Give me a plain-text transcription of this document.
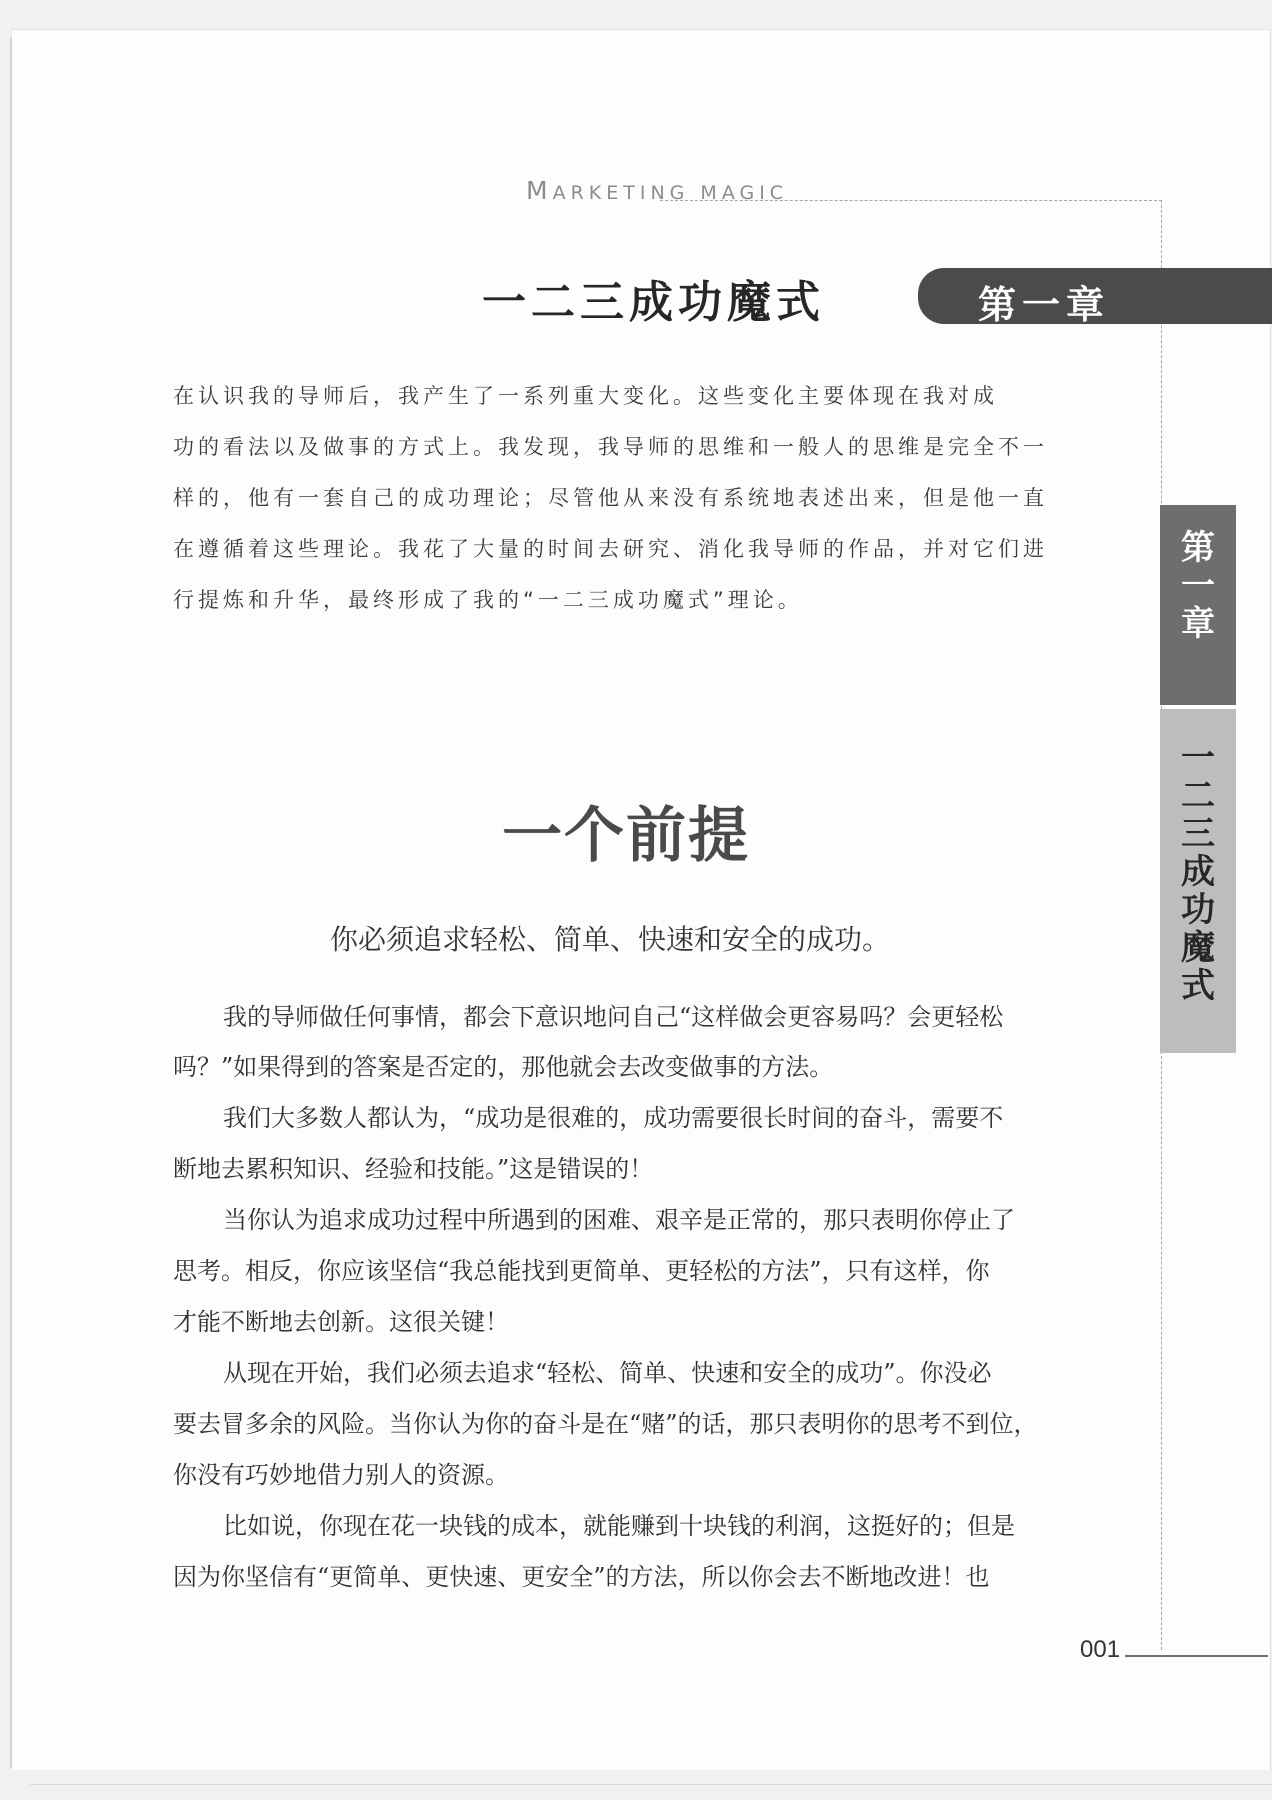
MARKETING MAGIC
一二三成功魔式	第一章
在认识我的导师后，我产生了一系列重大变化。这些变化主要体现在我对成
功的看法以及做事的方式上。我发现，我导师的思维和一般人的思维是完全不一
样的，他有一套自己的成功理论；尽管他从来没有系统地表述出来，但是他一直
在遵循着这些理论。我花了大量的时间去研究、消化我导师的作品，并对它们进
行提炼和升华，最终形成了我的“一二三成功魔式”理论。
第
一
章
一
二
三
成
功
魔
式
一个前提
你必须追求轻松、简单、快速和安全的成功。
我的导师做任何事情，都会下意识地问自己“这样做会更容易吗？会更轻松
吗？”如果得到的答案是否定的，那他就会去改变做事的方法。
我们大多数人都认为，“成功是很难的，成功需要很长时间的奋斗，需要不
断地去累积知识、经验和技能。”这是错误的！
当你认为追求成功过程中所遇到的困难、艰辛是正常的，那只表明你停止了
思考。相反，你应该坚信“我总能找到更简单、更轻松的方法”，只有这样，你
才能不断地去创新。这很关键！
从现在开始，我们必须去追求“轻松、简单、快速和安全的成功”。你没必
要去冒多余的风险。当你认为你的奋斗是在“赌”的话，那只表明你的思考不到位，
你没有巧妙地借力别人的资源。
比如说，你现在花一块钱的成本，就能赚到十块钱的利润，这挺好的；但是
因为你坚信有“更简单、更快速、更安全”的方法，所以你会去不断地改进！也
001
